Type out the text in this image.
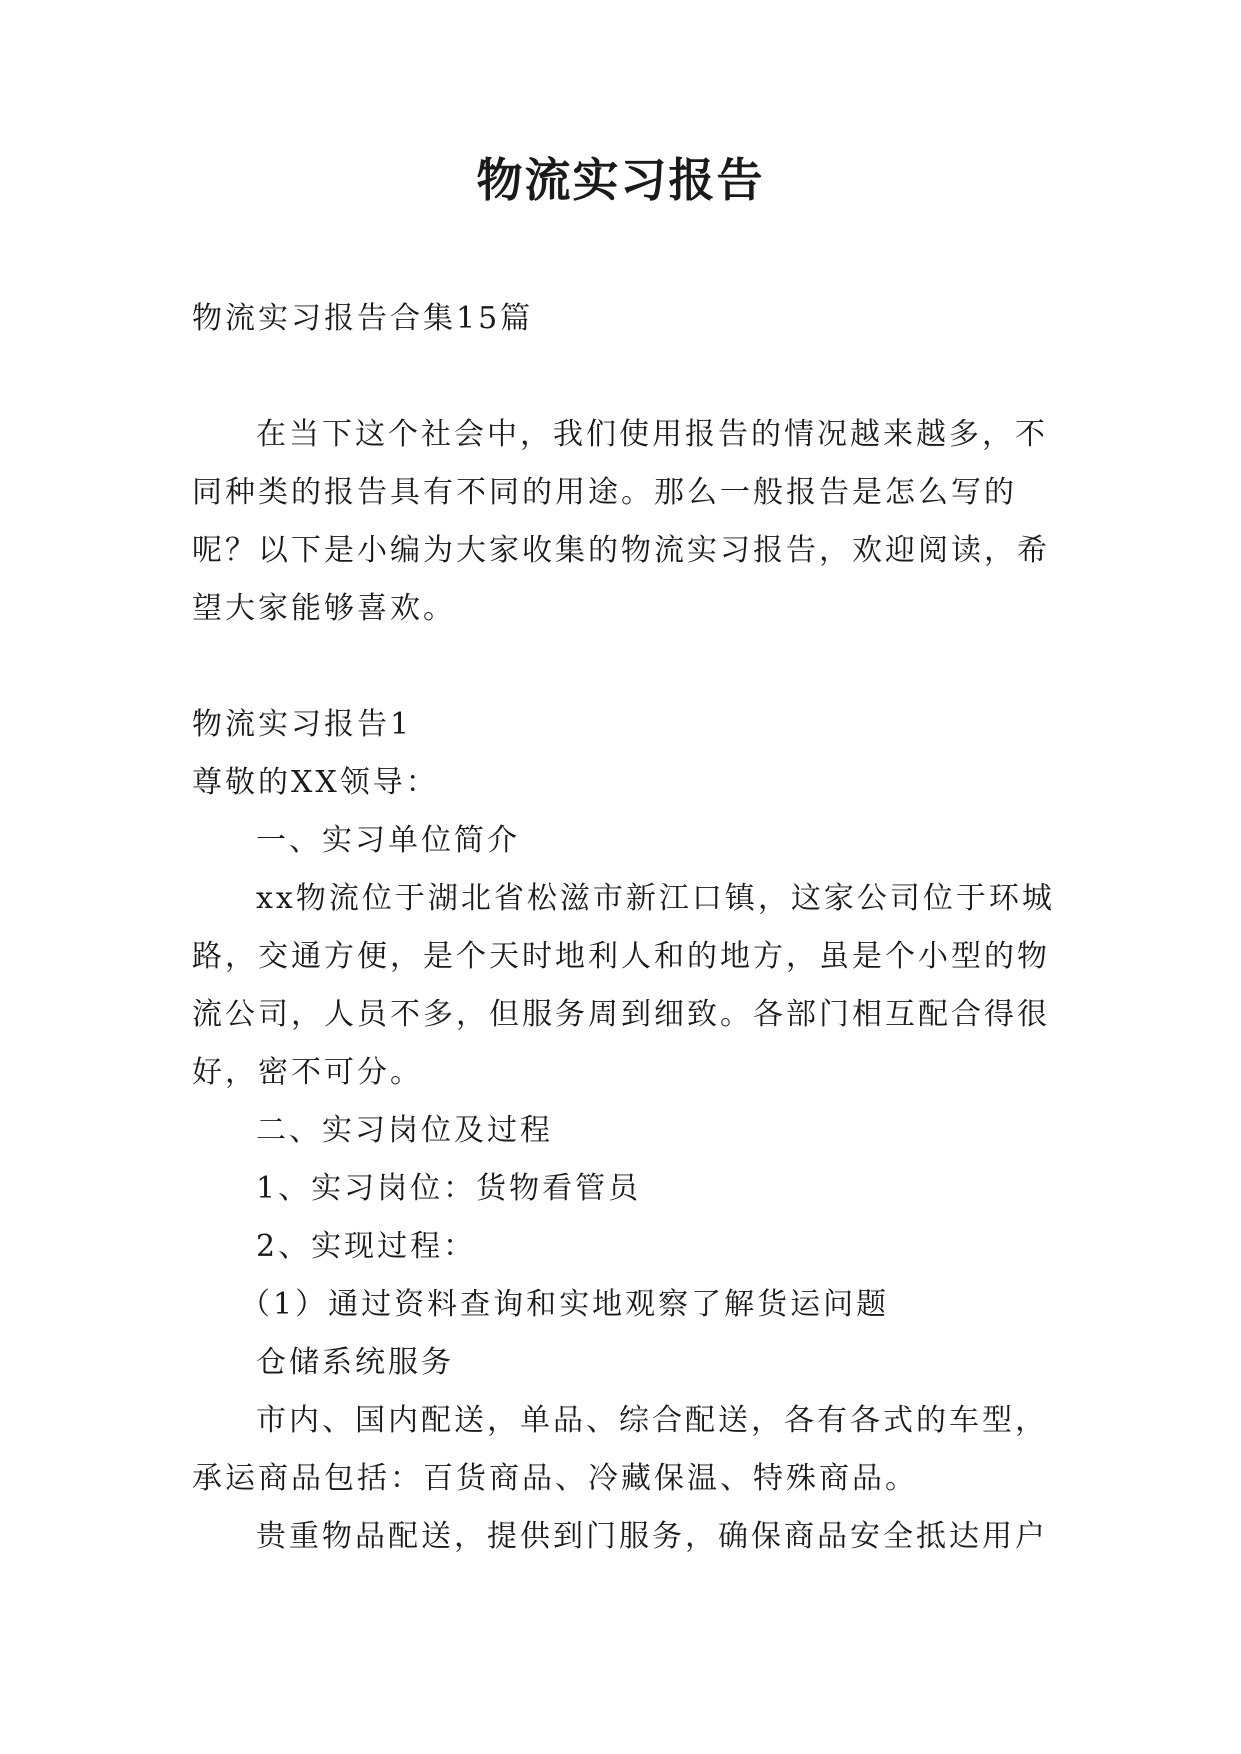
物流实习报告

物流实习报告合集15篇

在当下这个社会中，我们使用报告的情况越来越多，不同种类的报告具有不同的用途。那么一般报告是怎么写的呢？以下是小编为大家收集的物流实习报告，欢迎阅读，希望大家能够喜欢。

物流实习报告1

尊敬的XX领导：

一、实习单位简介

xx物流位于湖北省松滋市新江口镇，这家公司位于环城路，交通方便，是个天时地利人和的地方，虽是个小型的物流公司，人员不多，但服务周到细致。各部门相互配合得很好，密不可分。

二、实习岗位及过程

1、实习岗位：货物看管员

2、实现过程：

（1）通过资料查询和实地观察了解货运问题

仓储系统服务

市内、国内配送，单品、综合配送，各有各式的车型，承运商品包括：百货商品、冷藏保温、特殊商品。

贵重物品配送，提供到门服务，确保商品安全抵达用户
